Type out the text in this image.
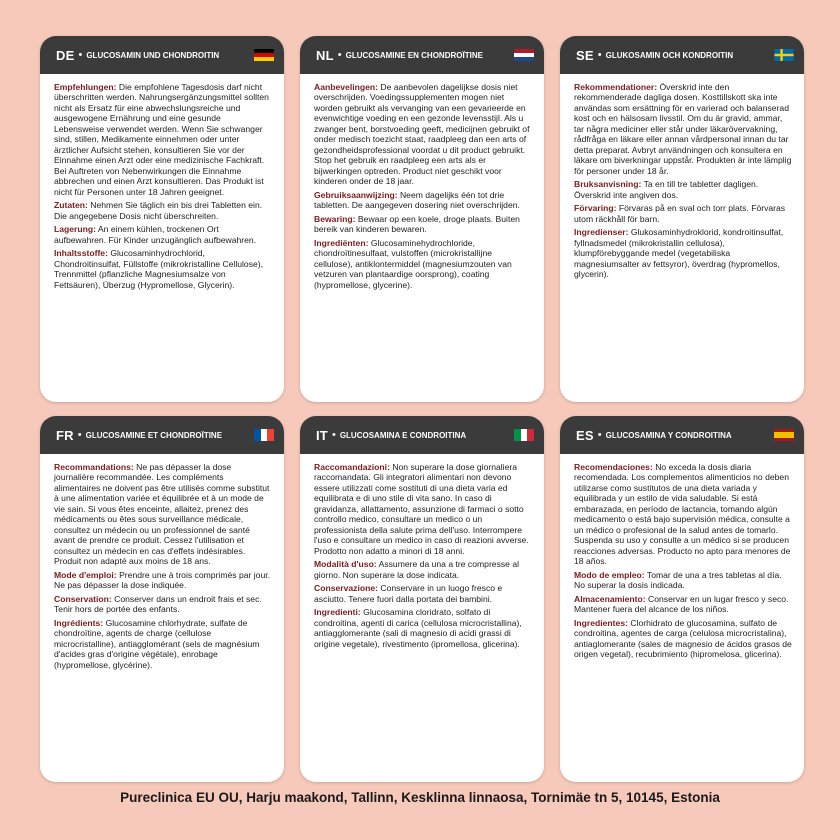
DE • GLUCOSAMIN UND CHONDROITIN

Empfehlungen: Die empfohlene Tagesdosis darf nicht überschritten werden. Nahrungsergänzungsmittel sollten nicht als Ersatz für eine abwechslungsreiche und ausgewogene Ernährung und eine gesunde Lebensweise verwendet werden. Wenn Sie schwanger sind, stillen, Medikamente einnehmen oder unter ärztlicher Aufsicht stehen, konsultieren Sie vor der Einnahme einen Arzt oder eine medizinische Fachkraft. Bei Auftreten von Nebenwirkungen die Einnahme abbrechen und einen Arzt konsultieren. Das Produkt ist nicht für Personen unter 18 Jahren geeignet.

Zutaten: Nehmen Sie täglich ein bis drei Tabletten ein. Die angegebene Dosis nicht überschreiten.

Lagerung: An einem kühlen, trockenen Ort aufbewahren. Für Kinder unzugänglich aufbewahren.

Inhaltsstoffe: Glucosaminhydrochlorid, Chondroitinsulfat, Füllstoffe (mikrokristalline Cellulose), Trennmittel (pflanzliche Magnesiumsalze von Fettsäuren), Überzug (Hypromellose, Glycerin).

NL • GLUCOSAMINE EN CHONDROÏTINE

Aanbevelingen: De aanbevolen dagelijkse dosis niet overschrijden. Voedingssupplementen mogen niet worden gebruikt als vervanging van een gevarieerde en evenwichtige voeding en een gezonde levensstijl. Als u zwanger bent, borstvoeding geeft, medicijnen gebruikt of onder medisch toezicht staat, raadpleeg dan een arts of gezondheidsprofessional voordat u dit product gebruikt. Stop het gebruik en raadpleeg een arts als er bijwerkingen optreden. Product niet geschikt voor kinderen onder de 18 jaar.

Gebruiksaanwijzing: Neem dagelijks één tot drie tabletten. De aangegeven dosering niet overschrijden.

Bewaring: Bewaar op een koele, droge plaats. Buiten bereik van kinderen bewaren.

Ingrediënten: Glucosaminehydrochloride, chondroïtinesulfaat, vulstoffen (microkristallijne cellulose), antiklontermiddel (magnesiumzouten van vetzuren van plantaardige oorsprong), coating (hypromellose, glycerine).

SE • GLUKOSAMIN OCH KONDROITIN

Rekommendationer: Överskrid inte den rekommenderade dagliga dosen. Kosttillskott ska inte användas som ersättning för en varierad och balanserad kost och en hälsosam livsstil. Om du är gravid, ammar, tar några mediciner eller står under läkarövervakning, rådfråga en läkare eller annan vårdpersonal innan du tar detta preparat. Avbryt användningen och konsultera en läkare om biverkningar uppstår. Produkten är inte lämplig för personer under 18 år.

Bruksanvisning: Ta en till tre tabletter dagligen. Överskrid inte angiven dos.

Förvaring: Förvaras på en sval och torr plats. Förvaras utom räckhåll för barn.

Ingredienser: Glukosaminhydroklorid, kondroitinsulfat, fyllnadsmedel (mikrokristallin cellulosa), klumpförebyggande medel (vegetabiliska magnesiumsalter av fettsyror), överdrag (hypromellos, glycerin).

FR • GLUCOSAMINE ET CHONDROÏTINE

Recommandations: Ne pas dépasser la dose journalière recommandée. Les compléments alimentaires ne doivent pas être utilisés comme substitut à une alimentation variée et équilibrée et à un mode de vie sain. Si vous êtes enceinte, allaitez, prenez des médicaments ou êtes sous surveillance médicale, consultez un médecin ou un professionnel de santé avant de prendre ce produit. Cessez l'utilisation et consultez un médecin en cas d'effets indésirables. Produit non adapté aux moins de 18 ans.

Mode d'emploi: Prendre une à trois comprimés par jour. Ne pas dépasser la dose indiquée.

Conservation: Conserver dans un endroit frais et sec. Tenir hors de portée des enfants.

Ingrédients: Glucosamine chlorhydrate, sulfate de chondroïtine, agents de charge (cellulose microcristalline), antiagglomérant (sels de magnésium d'acides gras d'origine végétale), enrobage (hypromellose, glycérine).

IT • GLUCOSAMINA E CONDROITINA

Raccomandazioni: Non superare la dose giornaliera raccomandata. Gli integratori alimentari non devono essere utilizzati come sostituti di una dieta varia ed equilibrata e di uno stile di vita sano. In caso di gravidanza, allattamento, assunzione di farmaci o sotto controllo medico, consultare un medico o un professionista della salute prima dell'uso. Interrompere l'uso e consultare un medico in caso di reazioni avverse. Prodotto non adatto a minori di 18 anni.

Modalità d'uso: Assumere da una a tre compresse al giorno. Non superare la dose indicata.

Conservazione: Conservare in un luogo fresco e asciutto. Tenere fuori dalla portata dei bambini.

Ingredienti: Glucosamina cloridrato, solfato di condroitina, agenti di carica (cellulosa microcristallina), antiagglomerante (sali di magnesio di acidi grassi di origine vegetale), rivestimento (ipromellosa, glicerina).

ES • GLUCOSAMINA Y CONDROITINA

Recomendaciones: No exceda la dosis diaria recomendada. Los complementos alimenticios no deben utilizarse como sustitutos de una dieta variada y equilibrada y un estilo de vida saludable. Si está embarazada, en período de lactancia, tomando algún medicamento o está bajo supervisión médica, consulte a un médico o profesional de la salud antes de tomarlo. Suspenda su uso y consulte a un médico si se producen reacciones adversas. Producto no apto para menores de 18 años.

Modo de empleo: Tomar de una a tres tabletas al día. No superar la dosis indicada.

Almacenamiento: Conservar en un lugar fresco y seco. Mantener fuera del alcance de los niños.

Ingredientes: Clorhidrato de glucosamina, sulfato de condroitina, agentes de carga (celulosa microcristalina), antiaglomerante (sales de magnesio de ácidos grasos de origen vegetal), recubrimiento (hipromelosa, glicerina).

Pureclinica EU OU, Harju maakond, Tallinn, Kesklinna linnaosa, Tornimäe tn 5, 10145, Estonia
